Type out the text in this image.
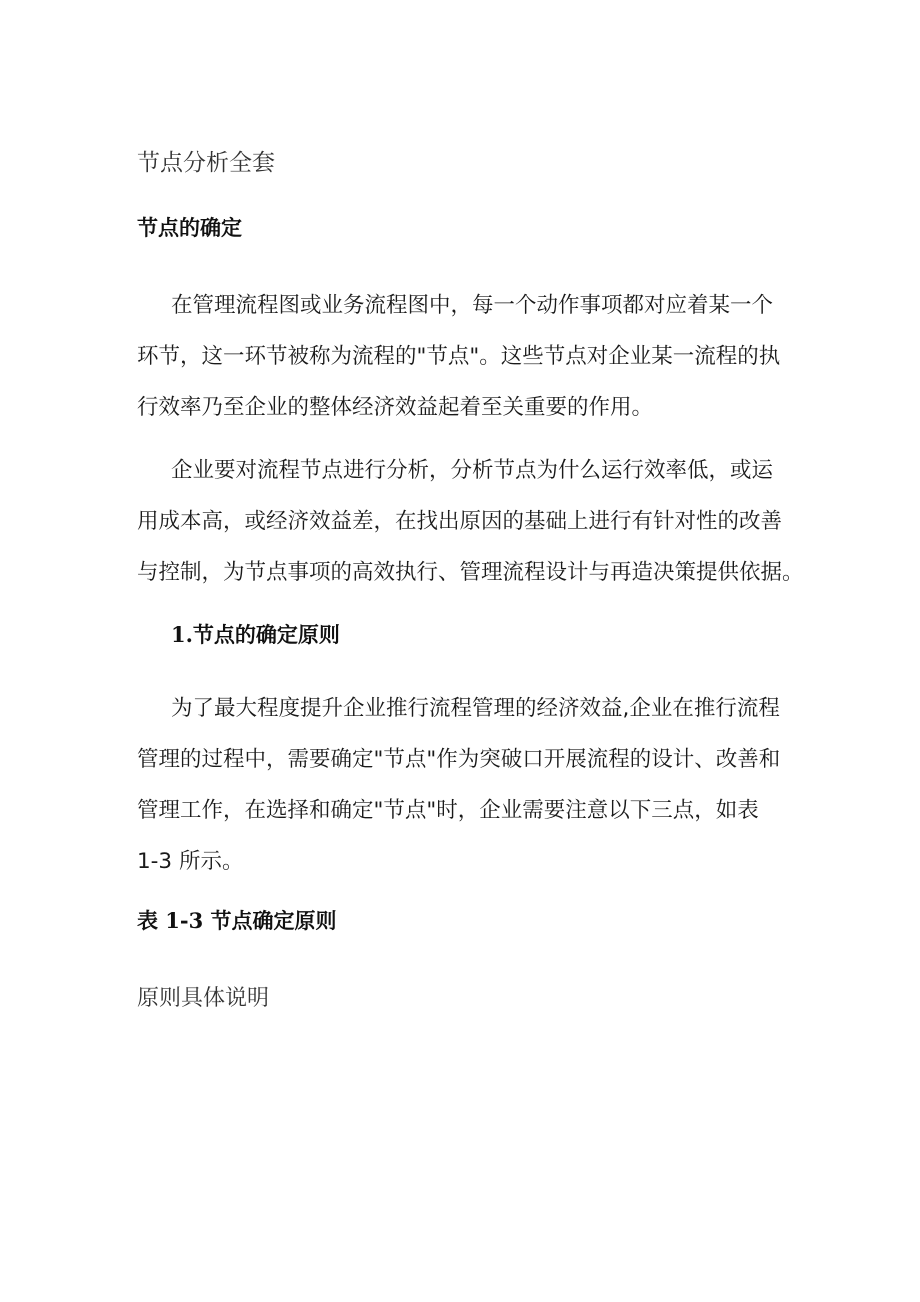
节点分析全套
节点的确定
在管理流程图或业务流程图中，每一个动作事项都对应着某一个
环节，这一环节被称为流程的"节点"。这些节点对企业某一流程的执
行效率乃至企业的整体经济效益起着至关重要的作用。
企业要对流程节点进行分析，分析节点为什么运行效率低，或运
用成本高，或经济效益差，在找出原因的基础上进行有针对性的改善
与控制，为节点事项的高效执行、管理流程设计与再造决策提供依据。
1.节点的确定原则
为了最大程度提升企业推行流程管理的经济效益,企业在推行流程
管理的过程中，需要确定"节点"作为突破口开展流程的设计、改善和
管理工作，在选择和确定"节点"时，企业需要注意以下三点，如表
1-3 所示。
表 1-3 节点确定原则
原则具体说明
